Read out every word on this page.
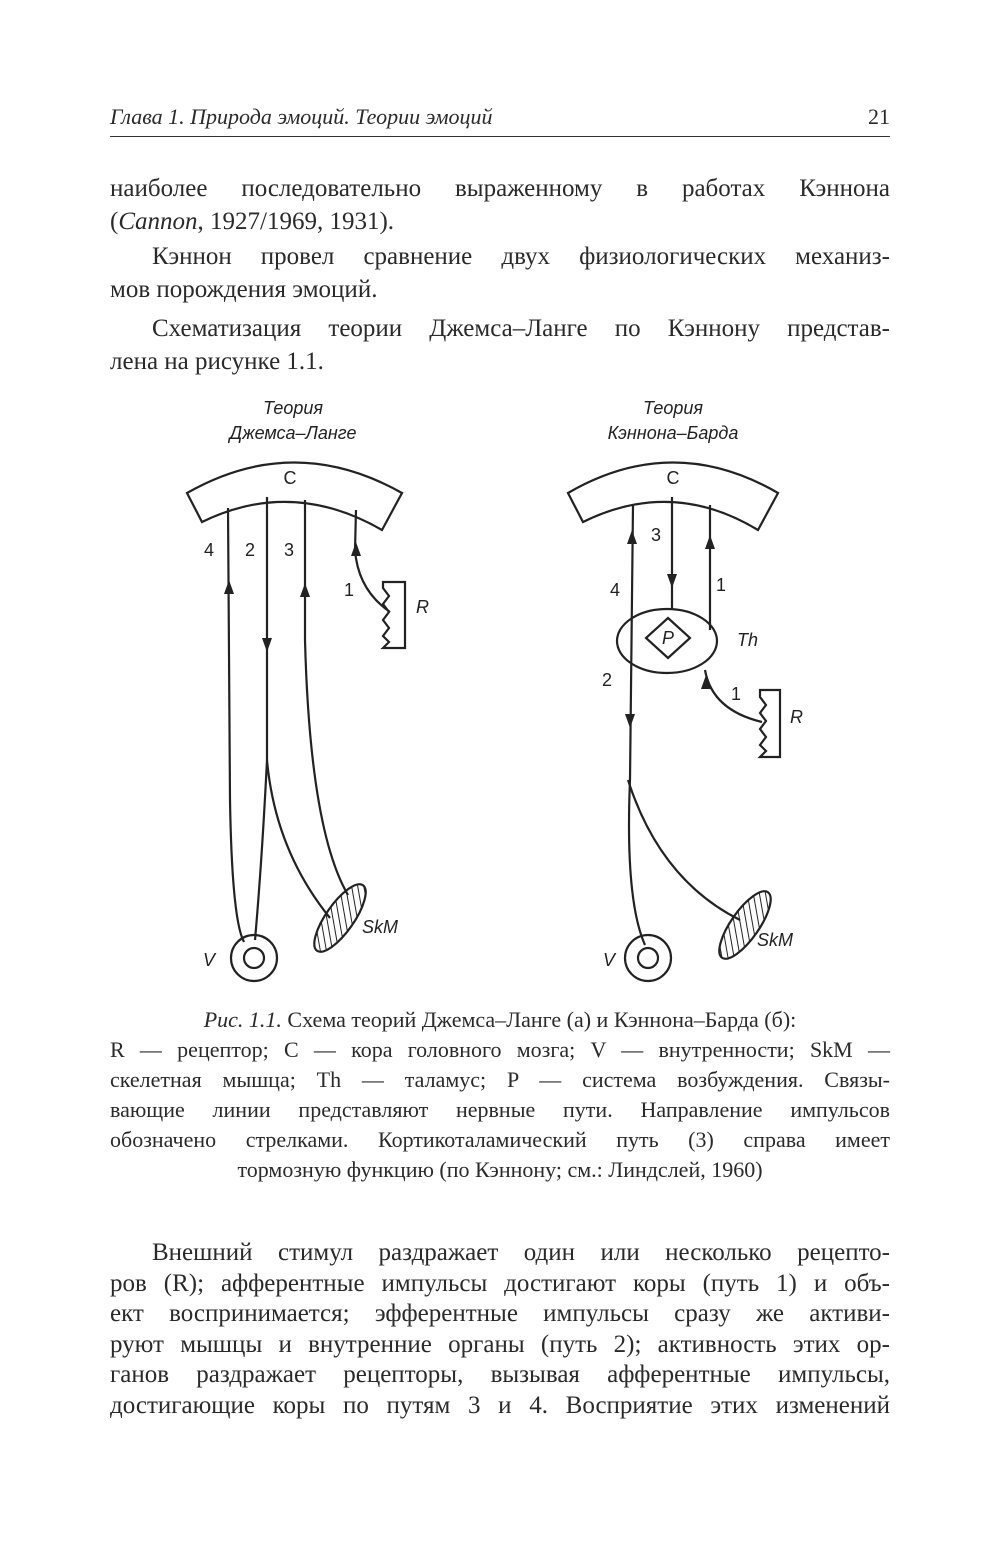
Глава 1. Природа эмоций. Теории эмоций	21
наиболее последовательно выраженному в работах Кэннона
(Cannon, 1927/1969, 1931).
Кэннон провел сравнение двух физиологических механиз-
мов порождения эмоций.
Схематизация теории Джемса–Ланге по Кэннону представ-
лена на рисунке 1.1.
Теория
Джемса–Ланге
C
4 2 3
1
R
V
SkM
Теория
Кэннона–Барда
C
3
4	1
2
1
P	Th
R
V
SkM
Рис. 1.1. Схема теорий Джемса–Ланге (а) и Кэннона–Барда (б):
R — рецептор; C — кора головного мозга; V — внутренности; SkM —
скелетная мышца; Th — таламус; P — система возбуждения. Связы-
вающие линии представляют нервные пути. Направление импульсов
обозначено стрелками. Кортикоталамический путь (3) справа имеет
тормозную функцию (по Кэннону; см.: Линдслей, 1960)
Внешний стимул раздражает один или несколько рецепто-
ров (R); афферентные импульсы достигают коры (путь 1) и объ-
ект воспринимается; эфферентные импульсы сразу же активи-
руют мышцы и внутренние органы (путь 2); активность этих ор-
ганов раздражает рецепторы, вызывая афферентные импульсы,
достигающие коры по путям 3 и 4. Восприятие этих изменений
